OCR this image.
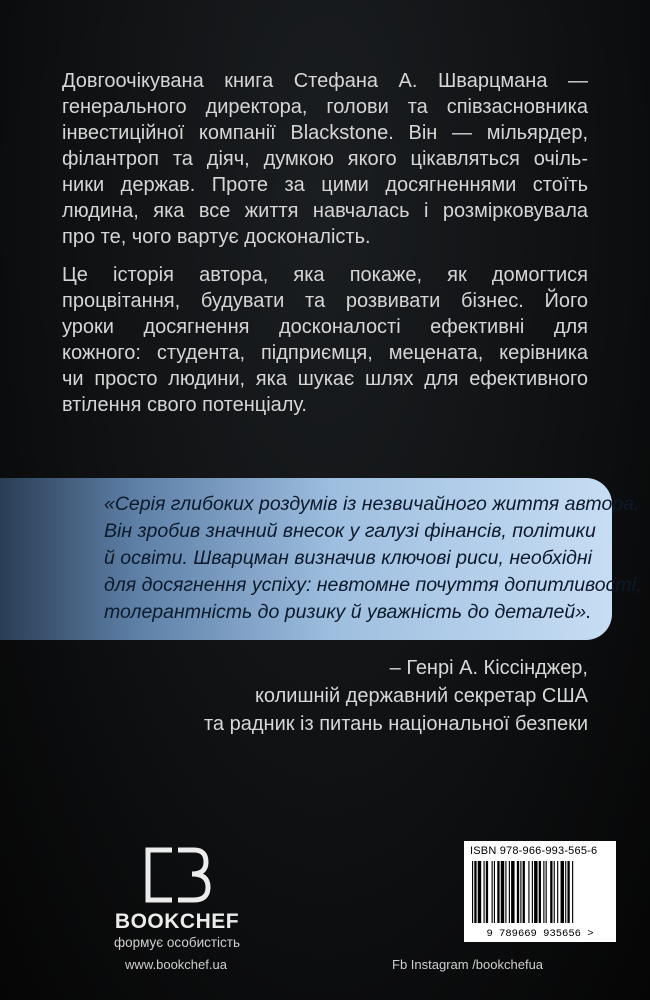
Довгоочікувана книга Стефана А. Шварцмана —
генерального директора, голови та співзасновника
інвестиційної компанії Blackstone. Він — мільярдер,
філантроп та діяч, думкою якого цікавляться очіль-
ники держав. Проте за цими досягненнями стоїть
людина, яка все життя навчалась і розмірковувала
про те, чого вартує досконалість.
Це історія автора, яка покаже, як домогтися
процвітання, будувати та розвивати бізнес. Його
уроки досягнення досконалості ефективні для
кожного: студента, підприємця, мецената, керівника
чи просто людини, яка шукає шлях для ефективного
втілення свого потенціалу.
«Серія глибоких роздумів із незвичайного життя автора.
Він зробив значний внесок у галузі фінансів, політики
й освіти. Шварцман визначив ключові риси, необхідні
для досягнення успіху: невтомне почуття допитливості,
толерантність до ризику й уважність до деталей».
– Генрі А. Кіссінджер,
колишній державний секретар США
та радник із питань національної безпеки
BOOKCHEF
формує особистість
www.bookchef.ua	Fb Instagram /bookchefua
ISBN 978-966-993-565-6
9 789669 935656 >
